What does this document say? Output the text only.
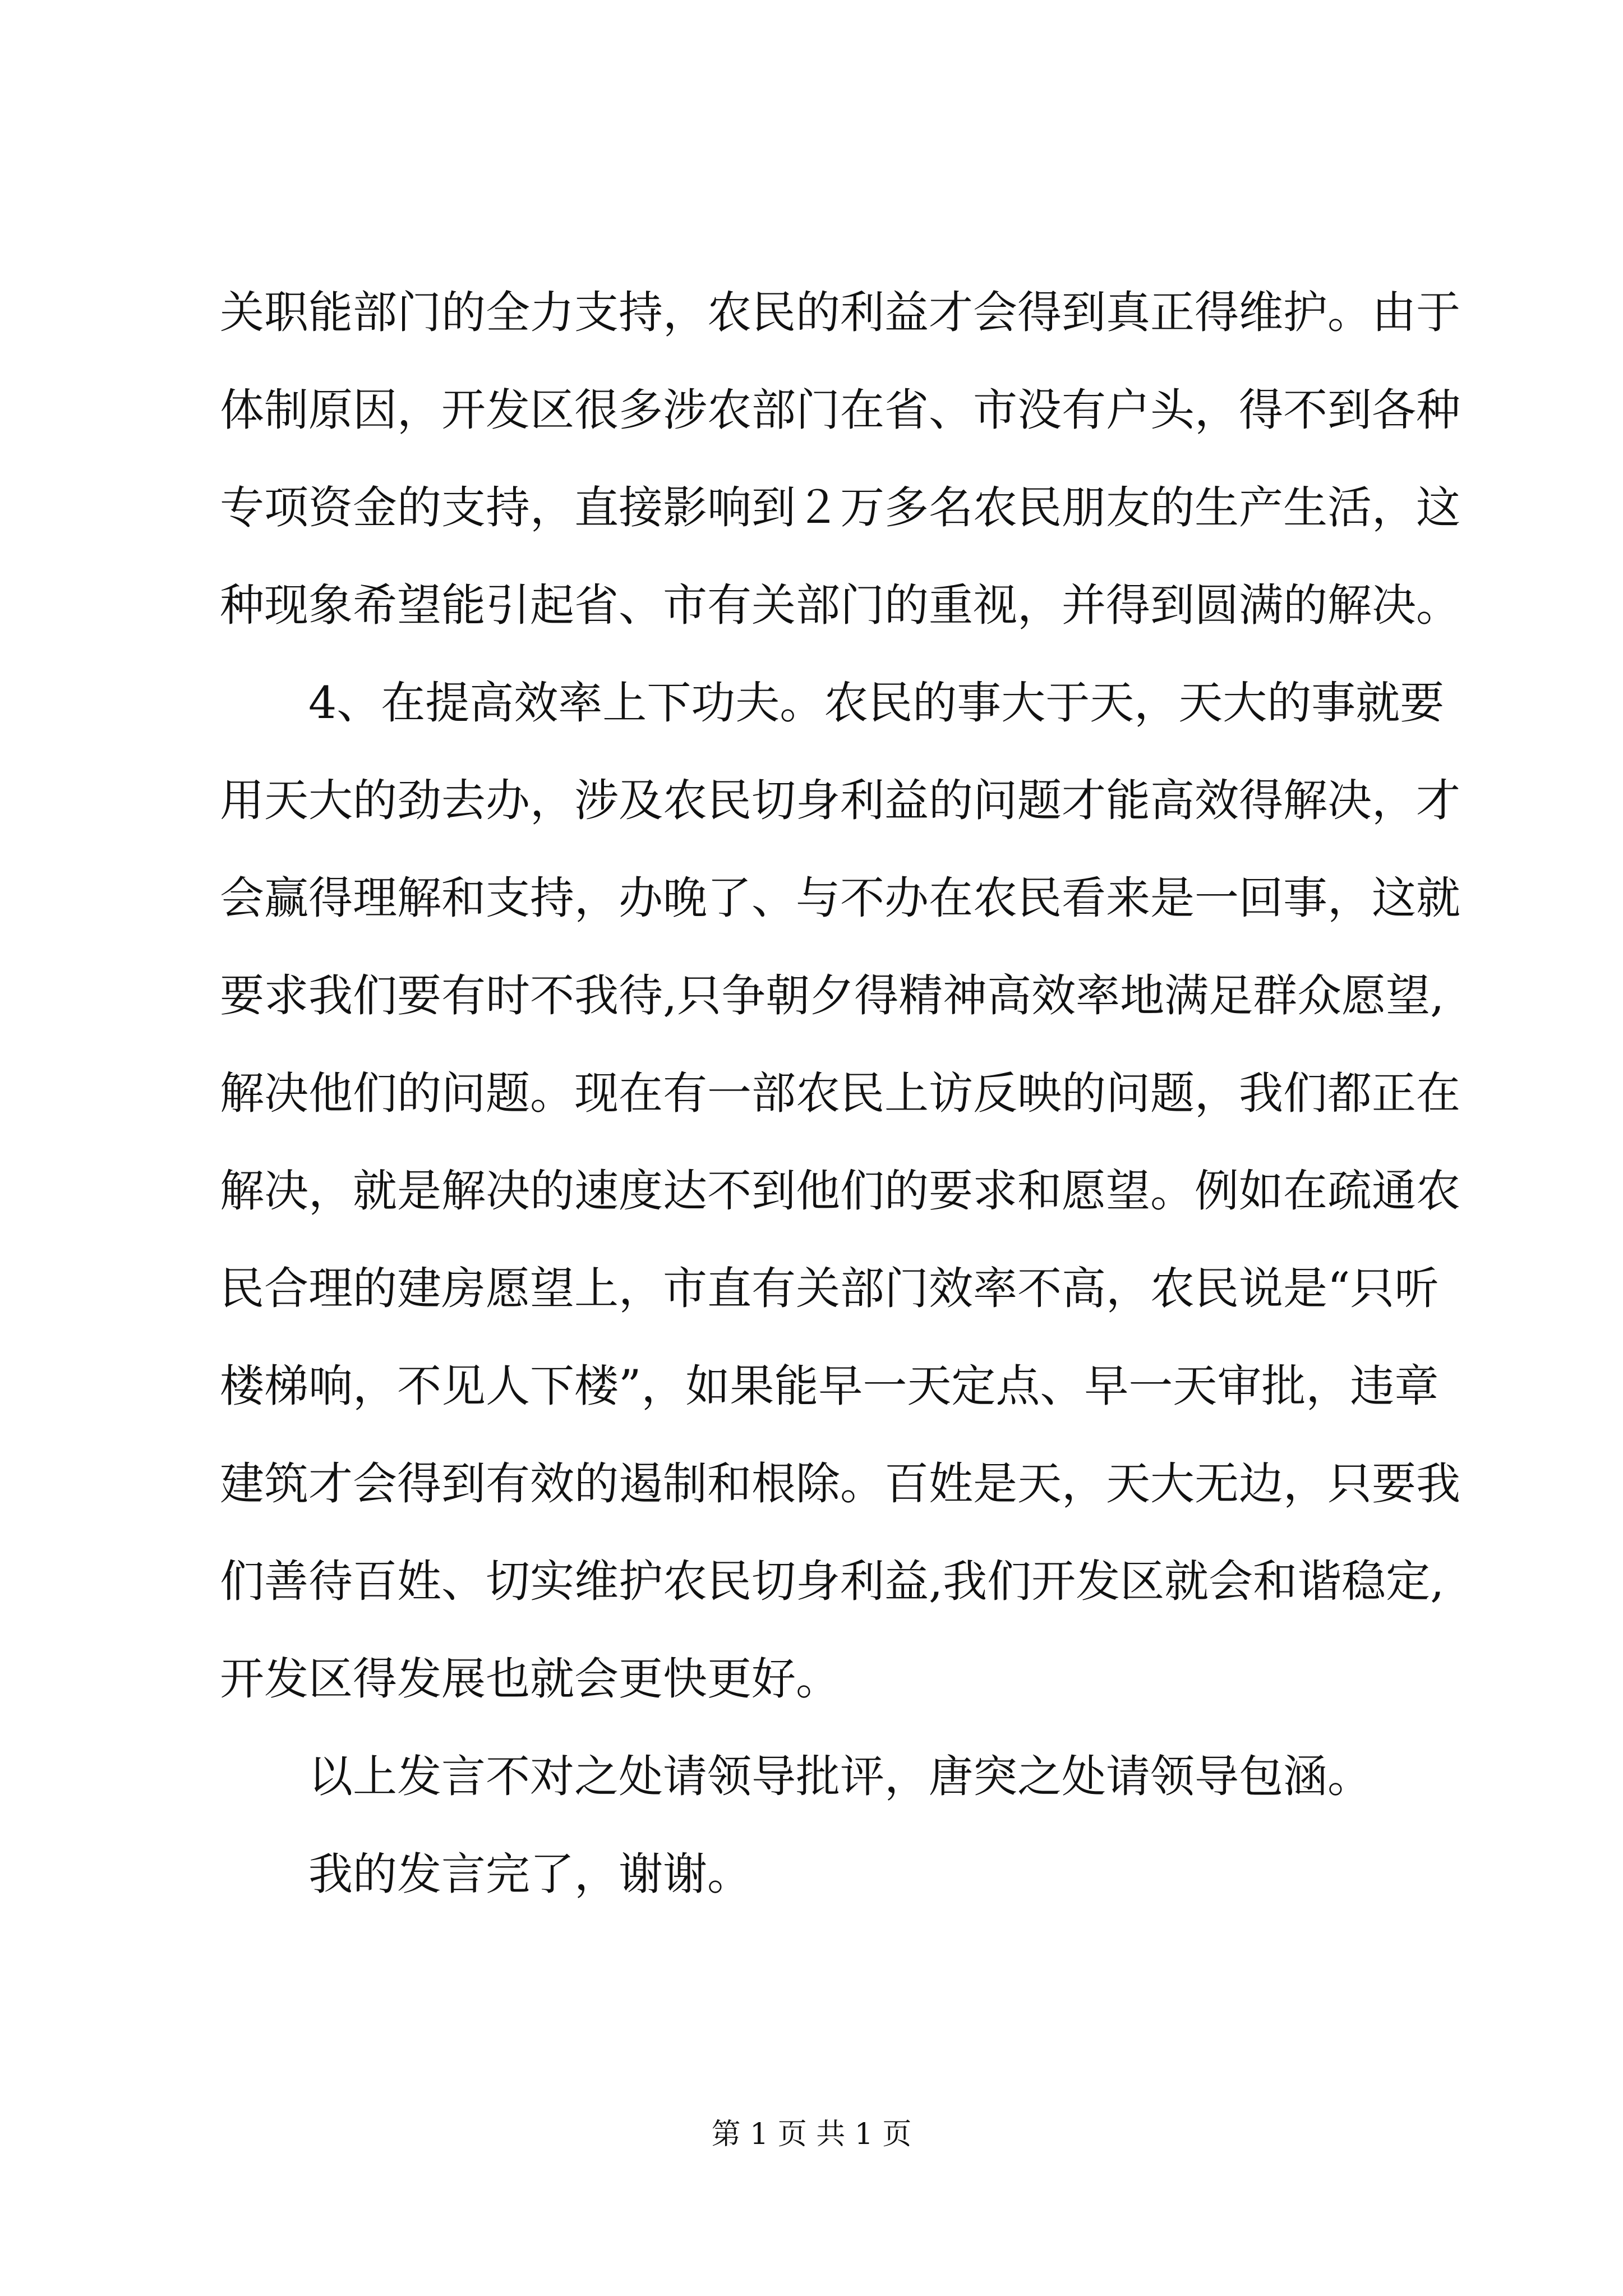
关职能部门的全力支持，农民的利益才会得到真正得维护。由于
体制原因，开发区很多涉农部门在省、市没有户头，得不到各种
专项资金的支持，直接影响到２万多名农民朋友的生产生活，这
种现象希望能引起省、市有关部门的重视，并得到圆满的解决。
4、在提高效率上下功夫。农民的事大于天，天大的事就要
用天大的劲去办，涉及农民切身利益的问题才能高效得解决，才
会赢得理解和支持，办晚了、与不办在农民看来是一回事，这就
要求我们要有时不我待,只争朝夕得精神高效率地满足群众愿望,
解决他们的问题。现在有一部农民上访反映的问题，我们都正在
解决，就是解决的速度达不到他们的要求和愿望。例如在疏通农
民合理的建房愿望上，市直有关部门效率不高，农民说是“只听
楼梯响，不见人下楼”，如果能早一天定点、早一天审批，违章
建筑才会得到有效的遏制和根除。百姓是天，天大无边，只要我
们善待百姓、切实维护农民切身利益,我们开发区就会和谐稳定,
开发区得发展也就会更快更好。
以上发言不对之处请领导批评，唐突之处请领导包涵。
我的发言完了，谢谢。
第 1 页 共 1 页
